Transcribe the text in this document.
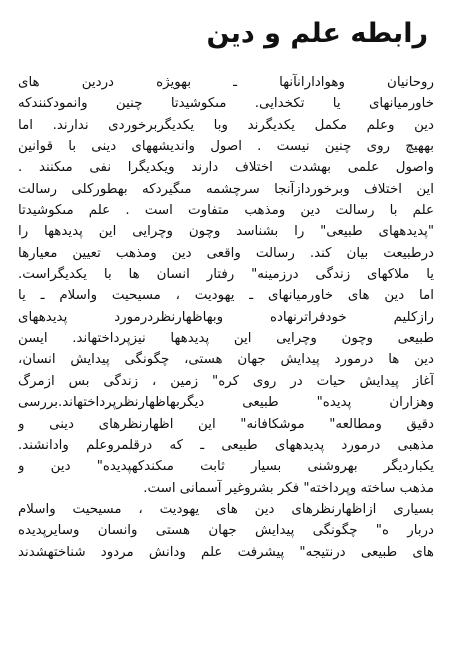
رابطه علم و دين
روحانيان وهوادارانآنها ـ بهويژه دردين هاى
خاورميانهاى يا تكخدايى. مىكوشيدتا چنين وانمودكنندكه
دين وعلم مكمل يكديگرند وبا يكديگربرخوردى ندارند. اما
بههيچ روى چنين نيست . اصول وانديشههاى دينى با قوانين
واصول علمى بهشدت اختلاف دارند ويكديگرا نفى مىكنند .
اين اختلاف وبرخوردازآنجا سرچشمه مىگيردكه بهطوركلى رسالت
علم با رسالت دين ومذهب متفاوت است . علم مىكوشيدتا
"پديدههاى طبيعى" را بشناسد وچون وچرايى اين پديدهها را
درطبيعت بيان كند. رسالت واقعى دين ومذهب تعيين معيارها
يا ملاكهاى زندگى درزمينه" رفتار انسان ها با يكديگراست.
اما دين هاى خاورميانهاى ـ يهوديت ، مسيحيت واسلام ـ يا
رازكليم خودفراترنهاده وبهاظهارنظردرمورد پديدههاى
طبيعى وچون وچرايى اين پديدهها نيزپرداختهاند. ايسن
دين ها درمورد پيدايش جهان هستى، چگونگى پيدايش انسان،
آغاز پيدايش حيات در روى كره" زمين ، زندگى بس ازمرگ
وهزاران پديده" طبيعى ديگربهاظهارنظرپرداختهاند.بررسى
دقيق ومطالعه" موشكافانه" اين اظهارنظرهاى دينى و
مذهبى درمورد پديدههاى طبيعى ـ كه درقلمروعلم وادانشند.
يكبارديگر بهروشنى بسيار ثابت مىكندكهپديده" دين و
مذهب ساخته وپرداخته" فكر بشروغير آسمانى است.
بسيارى ازاظهارنظرهاى دين هاى يهوديت ، مسيحيت واسلام
دربار ه" چگونگى پيدايش جهان هستى وانسان وسايرپديده
هاى طبيعى درنتيجه" پيشرفت علم ودانش مردود شناختهشدند
